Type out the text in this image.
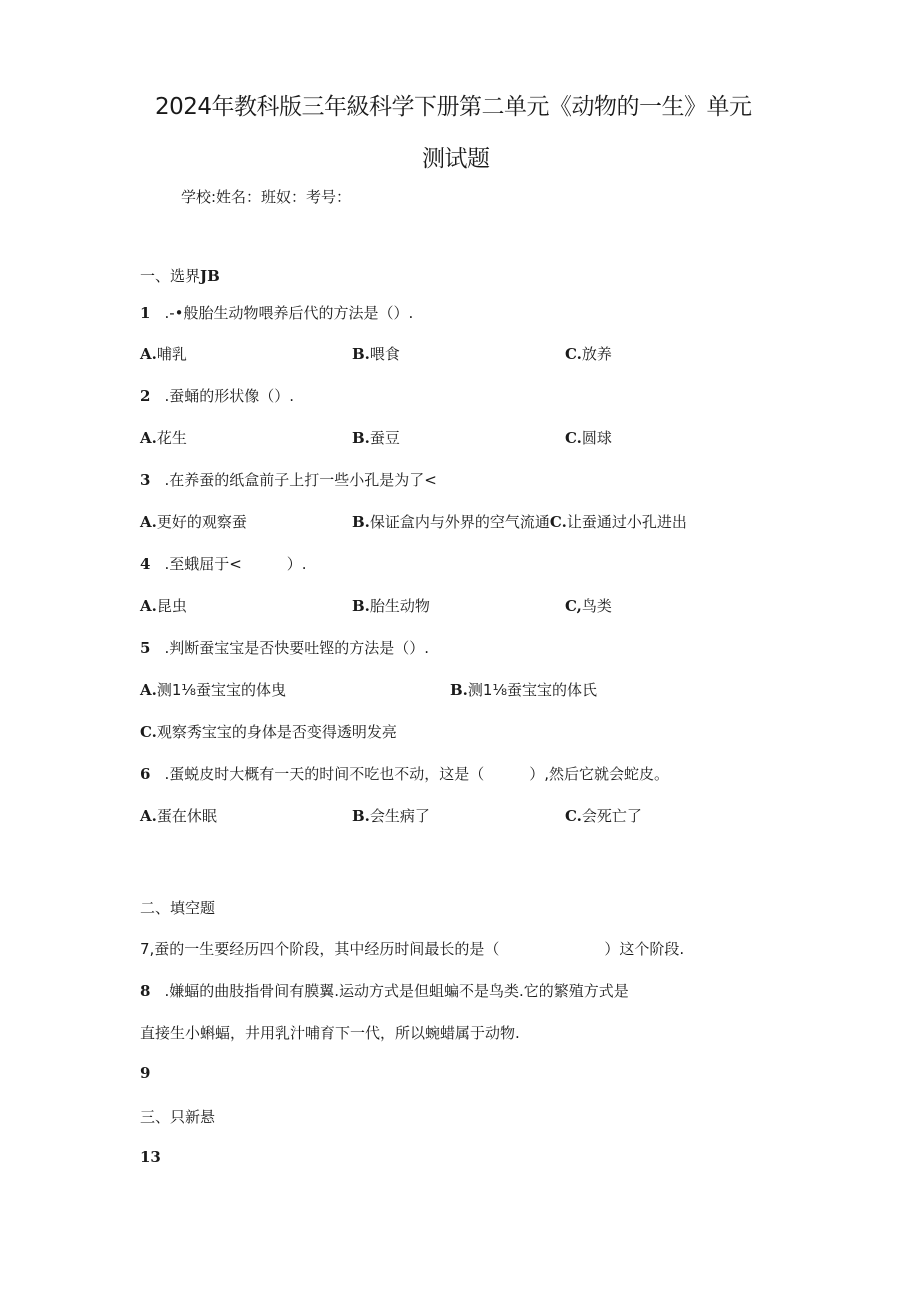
2024年教科版三年級科学下册第二单元《动物的一生》单元
测试题
学校:姓名：班奴：考号：
一、选界JB
1 .-•般胎生动物喂养后代的方法是（）.
A.哺乳	B.喂食	C.放养
2 .蚕蛹的形状像（）.
A.花生	B.蚕豆	C.圆球
3 .在养蚕的纸盒前子上打一些小孔是为了<
A.更好的观察蚕	B.保证盒内与外界的空气流通C.让蚕通过小孔进出
4 .至蛾屈于<　　　）.
A.昆虫	B.胎生动物	C,鸟类
5 .判断蚕宝宝是否快要吐铿的方法是（）.
A.测1⅛蚕宝宝的体曳	B.测1⅛蚕宝宝的体氏
C.观察秀宝宝的身体是否变得透明发亮
6 .蛋蜕皮时大概有一天的时间不吃也不动，这是（　　　）,然后它就会蛇皮。
A.蛋在休眠	B.会生病了	C.会死亡了
二、填空题
7,蚕的一生要经历四个阶段，其中经历时间最长的是（　　　　　　　）这个阶段.
8 .嫌蝠的曲肢指骨间有膜翼.运动方式是但蛆蝙不是鸟类.它的繁殖方式是
直接生小蝌蝠，井用乳汁哺育下一代，所以蜿蜡属于动物.
9
三、只新悬
13
